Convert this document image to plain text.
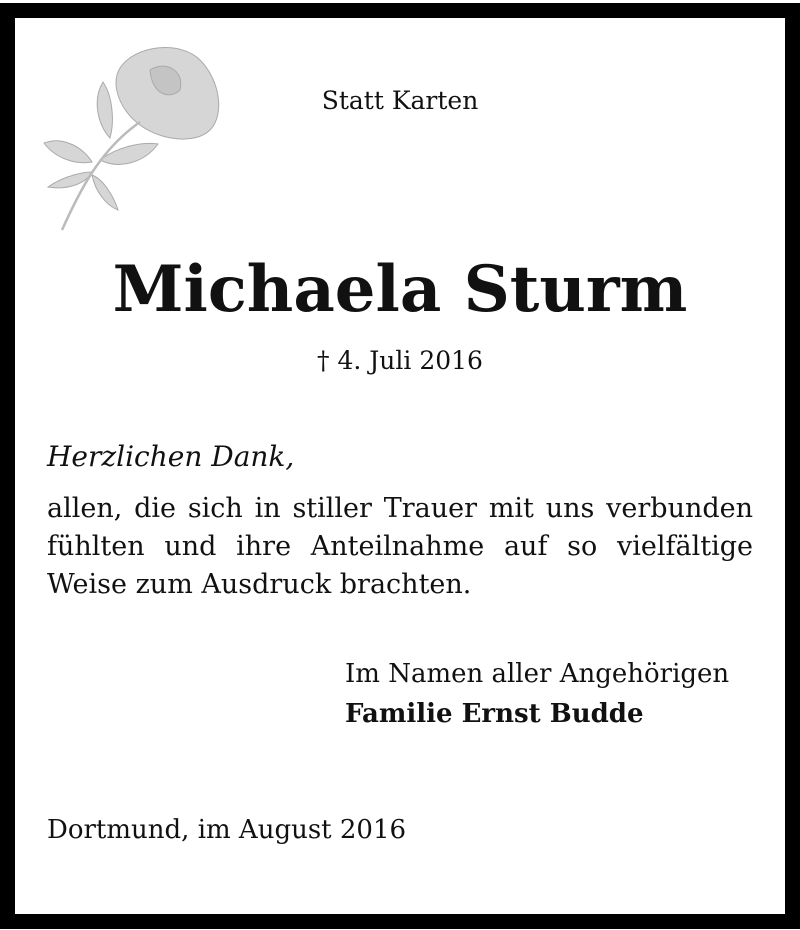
Statt Karten
Michaela Sturm
† 4. Juli 2016
Herzlichen Dank,
allen, die sich in stiller Trauer mit uns verbunden fühlten und ihre Anteilnahme auf so vielfältige Weise zum Ausdruck brachten.
Im Namen aller Angehörigen
Familie Ernst Budde
Dortmund, im August 2016
